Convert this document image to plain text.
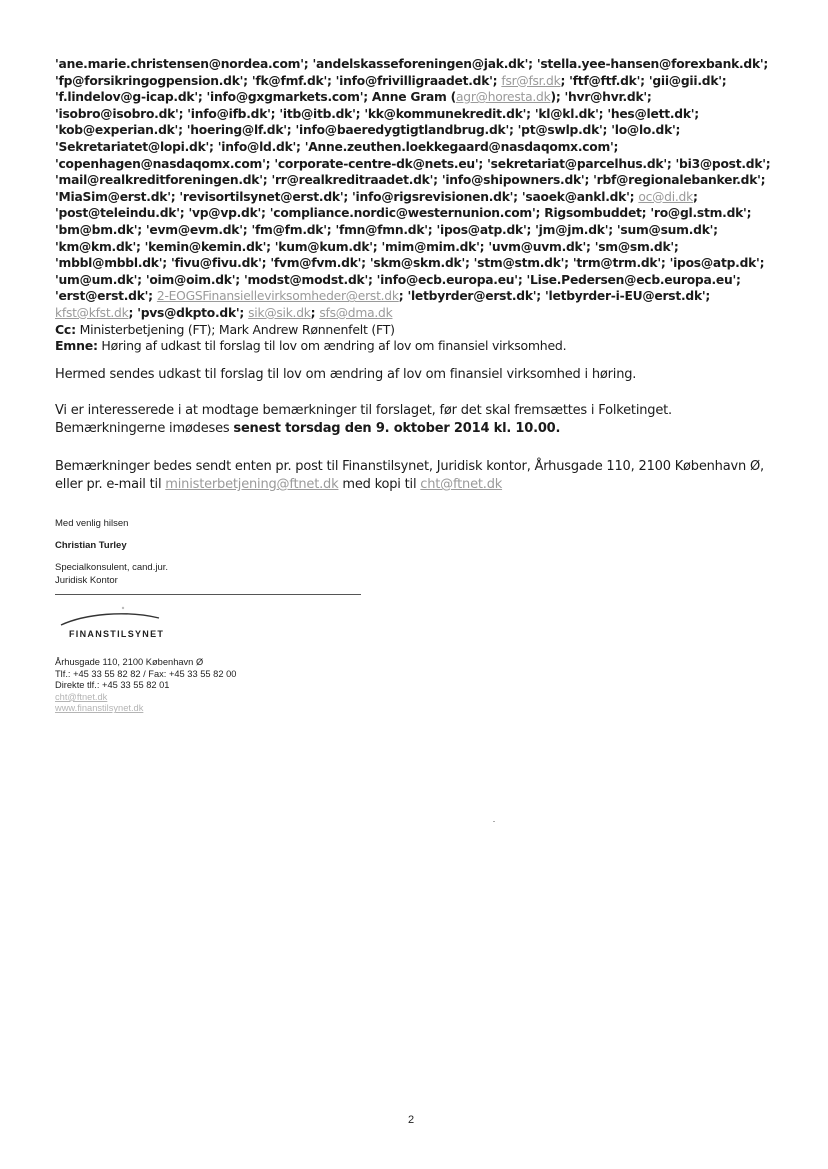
'ane.marie.christensen@nordea.com'; 'andelskasseforeningen@jak.dk'; 'stella.yee-hansen@forexbank.dk'; 'fp@forsikringogpension.dk'; 'fk@fmf.dk'; 'info@frivilligraadet.dk'; fsr@fsr.dk; 'ftf@ftf.dk'; 'gii@gii.dk'; 'f.lindelov@g-icap.dk'; 'info@gxgmarkets.com'; Anne Gram (agr@horesta.dk); 'hvr@hvr.dk'; 'isobro@isobro.dk'; 'info@ifb.dk'; 'itb@itb.dk'; 'kk@kommunekredit.dk'; 'kl@kl.dk'; 'hes@lett.dk'; 'kob@experian.dk'; 'hoering@lf.dk'; 'info@baeredygtigtlandbrug.dk'; 'pt@swlp.dk'; 'lo@lo.dk'; 'Sekretariatet@lopi.dk'; 'info@ld.dk'; 'Anne.zeuthen.loekkegaard@nasdaqomx.com'; 'copenhagen@nasdaqomx.com'; 'corporate-centre-dk@nets.eu'; 'sekretariat@parcelhus.dk'; 'bi3@post.dk'; 'mail@realkreditforeningen.dk'; 'rr@realkreditraadet.dk'; 'info@shipowners.dk'; 'rbf@regionalebanker.dk'; 'MiaSim@erst.dk'; 'revisortilsynet@erst.dk'; 'info@rigsrevisionen.dk'; 'saoek@ankl.dk'; oc@di.dk; 'post@teleindu.dk'; 'vp@vp.dk'; 'compliance.nordic@westernunion.com'; Rigsombuddet; 'ro@gl.stm.dk'; 'bm@bm.dk'; 'evm@evm.dk'; 'fm@fm.dk'; 'fmn@fmn.dk'; 'ipos@atp.dk'; 'jm@jm.dk'; 'sum@sum.dk'; 'km@km.dk'; 'kemin@kemin.dk'; 'kum@kum.dk'; 'mim@mim.dk'; 'uvm@uvm.dk'; 'sm@sm.dk'; 'mbbl@mbbl.dk'; 'fivu@fivu.dk'; 'fvm@fvm.dk'; 'skm@skm.dk'; 'stm@stm.dk'; 'trm@trm.dk'; 'ipos@atp.dk'; 'um@um.dk'; 'oim@oim.dk'; 'modst@modst.dk'; 'info@ecb.europa.eu'; 'Lise.Pedersen@ecb.europa.eu'; 'erst@erst.dk'; 2-EOGSFinansiellevirksomheder@erst.dk; 'letbyrder@erst.dk'; 'letbyrder-i-EU@erst.dk'; kfst@kfst.dk; 'pvs@dkpto.dk'; sik@sik.dk; sfs@dma.dk
Cc: Ministerbetjening (FT); Mark Andrew Rønnenfelt (FT)
Emne: Høring af udkast til forslag til lov om ændring af lov om finansiel virksomhed.
Hermed sendes udkast til forslag til lov om ændring af lov om finansiel virksomhed i høring.
Vi er interesserede i at modtage bemærkninger til forslaget, før det skal fremsættes i Folketinget. Bemærkningerne imødeses senest torsdag den 9. oktober 2014 kl. 10.00.
Bemærkninger bedes sendt enten pr. post til Finanstilsynet, Juridisk kontor, Århusgade 110, 2100 København Ø, eller pr. e-mail til ministerbetjening@ftnet.dk med kopi til cht@ftnet.dk
Med venlig hilsen
Christian Turley
Specialkonsulent, cand.jur.
Juridisk Kontor
FINANSTILSYNET
Århusgade 110, 2100 København Ø
Tlf.: +45 33 55 82 82 / Fax: +45 33 55 82 00
Direkte tlf.: +45 33 55 82 01
cht@ftnet.dk
www.finanstilsynet.dk
2
